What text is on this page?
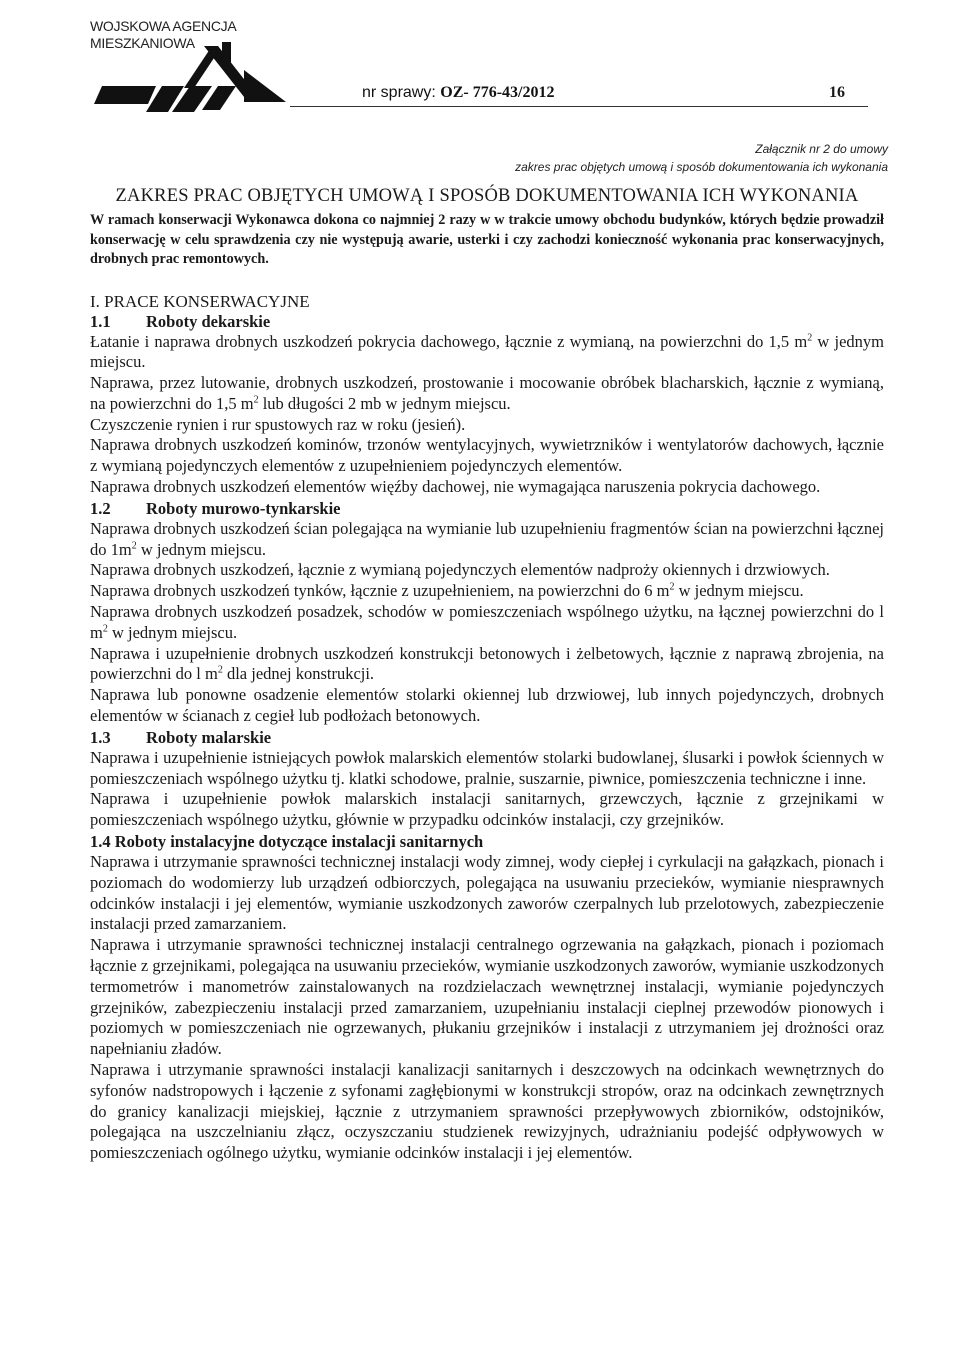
WOJSKOWA AGENCJA
MIESZKANIOWA
nr sprawy: OZ- 776-43/2012	16
Załącznik nr 2 do umowy
zakres prac objętych umową i sposób dokumentowania ich wykonania
ZAKRES PRAC OBJĘTYCH UMOWĄ I SPOSÓB DOKUMENTOWANIA ICH WYKONANIA

W ramach konserwacji Wykonawca dokona co najmniej 2 razy w w trakcie umowy obchodu budynków, których będzie prowadził konserwację w celu sprawdzenia czy nie występują awarie, usterki i czy zachodzi konieczność wykonania prac konserwacyjnych, drobnych prac remontowych.

I. PRACE KONSERWACYJNE

1.1 Roboty dekarskie

Łatanie i naprawa drobnych uszkodzeń pokrycia dachowego, łącznie z wymianą, na powierzchni do 1,5 $m^2$ w jednym miejscu.

Naprawa, przez lutowanie, drobnych uszkodzeń, prostowanie i mocowanie obróbek blacharskich, łącznie z wymianą, na powierzchni do 1,5 $m^2$ lub długości 2 mb w jednym miejscu.

Czyszczenie rynien i rur spustowych raz w roku (jesień).

Naprawa drobnych uszkodzeń kominów, trzonów wentylacyjnych, wywietrzników i wentylatorów dachowych, łącznie z wymianą pojedynczych elementów z uzupełnieniem pojedynczych elementów.

Naprawa drobnych uszkodzeń elementów więźby dachowej, nie wymagająca naruszenia pokrycia dachowego.

1.2 Roboty murowo-tynkarskie

Naprawa drobnych uszkodzeń ścian polegająca na wymianie lub uzupełnieniu fragmentów ścian na powierzchni łącznej do $1m^2$ w jednym miejscu.

Naprawa drobnych uszkodzeń, łącznie z wymianą pojedynczych elementów nadproży okiennych i drzwiowych.

Naprawa drobnych uszkodzeń tynków, łącznie z uzupełnieniem, na powierzchni do 6 $m^2$ w jednym miejscu.

Naprawa drobnych uszkodzeń posadzek, schodów w pomieszczeniach wspólnego użytku, na łącznej powierzchni do l $m^2$ w jednym miejscu.

Naprawa i uzupełnienie drobnych uszkodzeń konstrukcji betonowych i żelbetowych, łącznie z naprawą zbrojenia, na powierzchni do l $m^2$ dla jednej konstrukcji.

Naprawa lub ponowne osadzenie elementów stolarki okiennej lub drzwiowej, lub innych pojedynczych, drobnych elementów w ścianach z cegieł lub podłożach betonowych.

1.3 Roboty malarskie

Naprawa i uzupełnienie istniejących powłok malarskich elementów stolarki budowlanej, ślusarki i powłok ściennych w pomieszczeniach wspólnego użytku tj. klatki schodowe, pralnie, suszarnie, piwnice, pomieszczenia techniczne i inne.

Naprawa i uzupełnienie powłok malarskich instalacji sanitarnych, grzewczych, łącznie z grzejnikami w pomieszczeniach wspólnego użytku, głównie w przypadku odcinków instalacji, czy grzejników.

1.4 Roboty instalacyjne dotyczące instalacji sanitarnych

Naprawa i utrzymanie sprawności technicznej instalacji wody zimnej, wody ciepłej i cyrkulacji na gałązkach, pionach i poziomach do wodomierzy lub urządzeń odbiorczych, polegająca na usuwaniu przecieków, wymianie niesprawnych odcinków instalacji i jej elementów, wymianie uszkodzonych zaworów czerpalnych lub przelotowych, zabezpieczenie instalacji przed zamarzaniem.

Naprawa i utrzymanie sprawności technicznej instalacji centralnego ogrzewania na gałązkach, pionach i poziomach łącznie z grzejnikami, polegająca na usuwaniu przecieków, wymianie uszkodzonych zaworów, wymianie uszkodzonych termometrów i manometrów zainstalowanych na rozdzielaczach wewnętrznej instalacji, wymianie pojedynczych grzejników, zabezpieczeniu instalacji przed zamarzaniem, uzupełnianiu instalacji cieplnej przewodów pionowych i poziomych w pomieszczeniach nie ogrzewanych, płukaniu grzejników i instalacji z utrzymaniem jej drożności oraz napełnianiu zładów.

Naprawa i utrzymanie sprawności instalacji kanalizacji sanitarnych i deszczowych na odcinkach wewnętrznych do syfonów nadstropowych i łączenie z syfonami zagłębionymi w konstrukcji stropów, oraz na odcinkach zewnętrznych do granicy kanalizacji miejskiej, łącznie z utrzymaniem sprawności przepływowych zbiorników, odstojników, polegająca na uszczelnianiu złącz, oczyszczaniu studzienek rewizyjnych, udrażnianiu podejść odpływowych w pomieszczeniach ogólnego użytku, wymianie odcinków instalacji i jej elementów.
